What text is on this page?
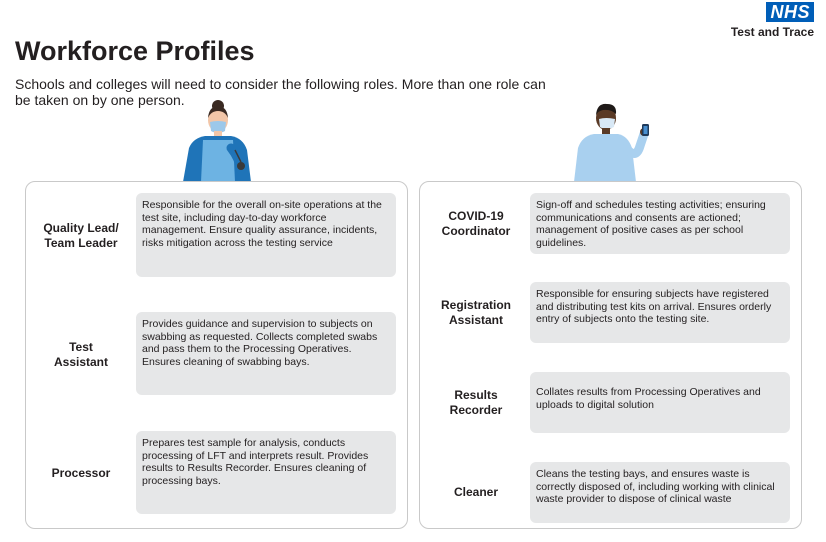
NHS
Test and Trace
Workforce Profiles
Schools and colleges will need to consider the following roles. More than one role can be taken on by one person.
Quality Lead/ Team Leader
Responsible for the overall on-site operations at the test site, including day-to-day workforce management. Ensure quality assurance, incidents, risks mitigation across the testing service
Test Assistant
Provides guidance and supervision to subjects on swabbing as requested. Collects completed swabs and pass them to the Processing Operatives. Ensures cleaning of swabbing bays.
Processor
Prepares test sample for analysis, conducts processing of LFT and interprets result. Provides results to Results Recorder. Ensures cleaning of processing bays.
COVID-19 Coordinator
Sign-off and schedules testing activities; ensuring communications and consents are actioned; management of positive cases as per school guidelines.
Registration Assistant
Responsible for ensuring subjects have registered and distributing test kits on arrival. Ensures orderly entry of subjects onto the testing site.
Results Recorder
Collates results from Processing Operatives and uploads to digital solution
Cleaner
Cleans the testing bays, and ensures waste is correctly disposed of, including working with clinical waste provider to dispose of clinical waste
